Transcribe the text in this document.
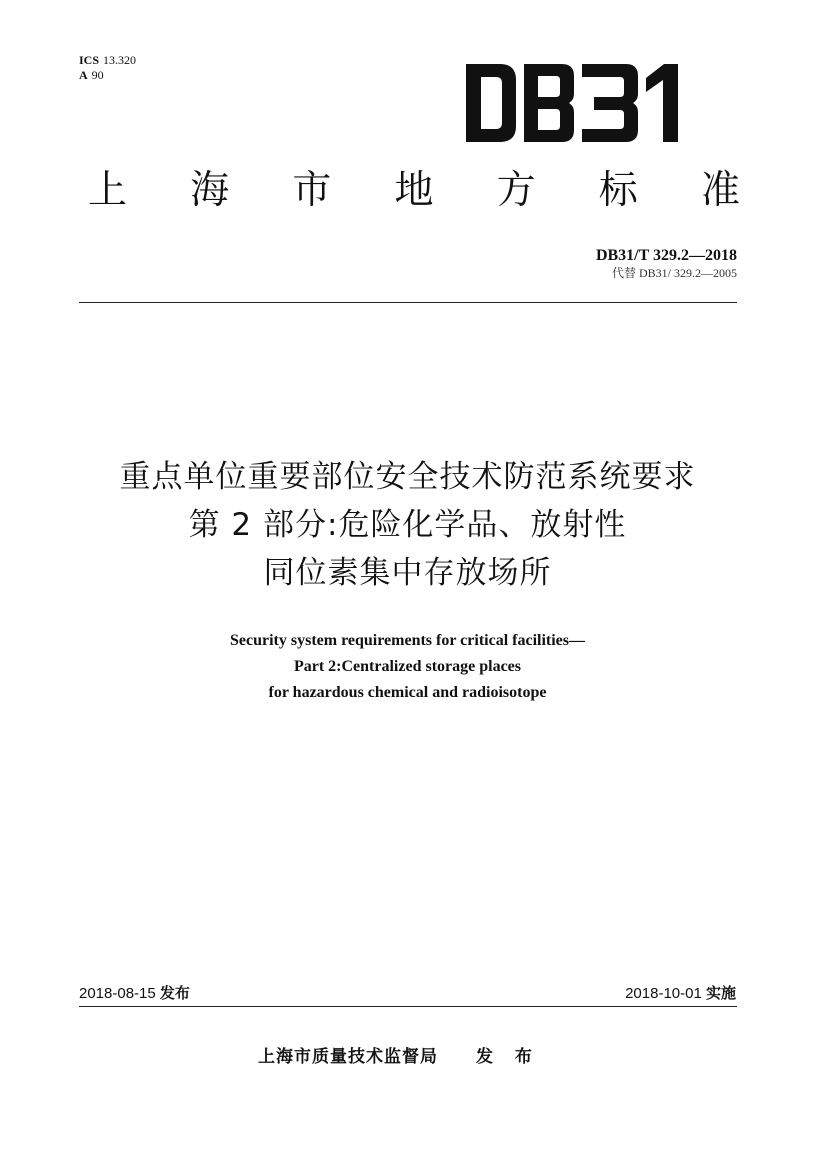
ICS 13.320
A 90
上 海 市 地 方 标 准
DB31/T 329.2—2018
代替 DB31/ 329.2—2005
重点单位重要部位安全技术防范系统要求
第 2 部分:危险化学品、放射性
同位素集中存放场所
Security system requirements for critical facilities—
Part 2:Centralized storage places
for hazardous chemical and radioisotope
2018-08-15 发布	2018-10-01 实施
上海市质量技术监督局 发 布
